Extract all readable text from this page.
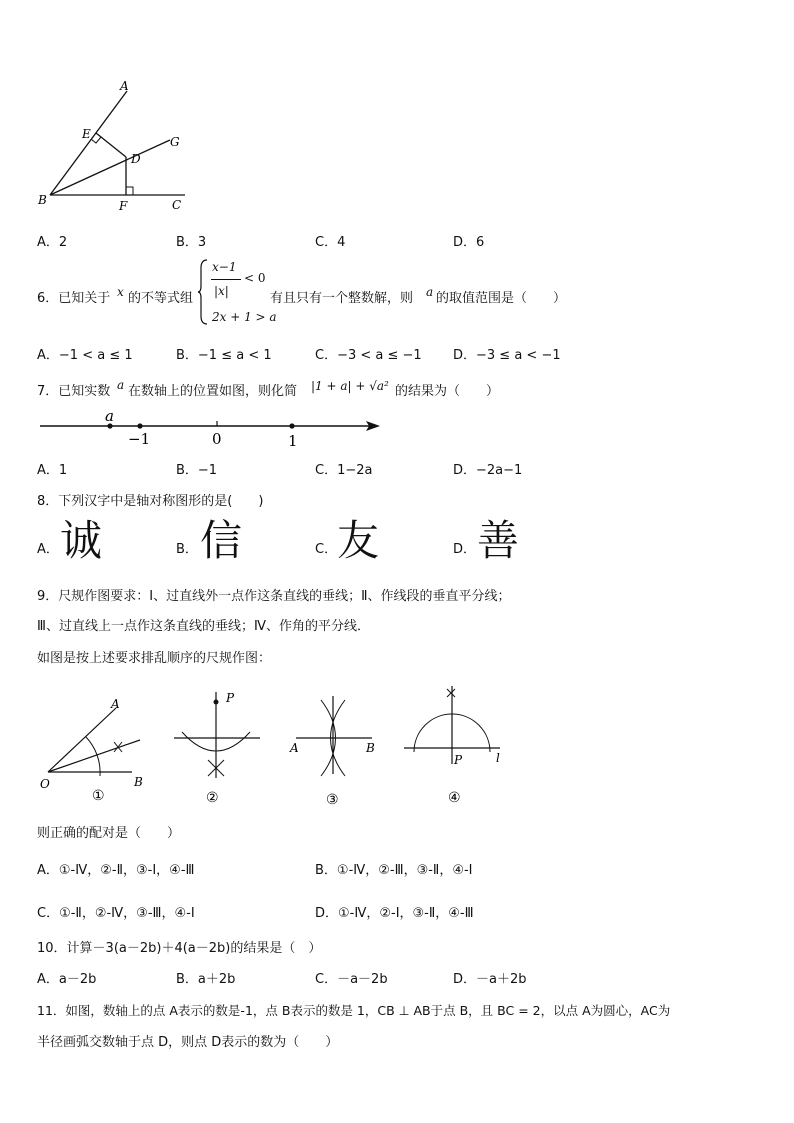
A
E
G
D
B	F	C
A．2	B．3	C．4	D．6
6．已知关于 x 的不等式组
x−1
|x|
< 0
2x + 1 > a
有且只有一个整数解，则 a 的取值范围是（　　）
A．−1 < a ≤ 1	B．−1 ≤ a < 1	C．−3 < a ≤ −1 D．−3 ≤ a < −1
7．已知实数 a 在数轴上的位置如图，则化简 |1 + a| + √a² 的结果为（　　）
a
−1	0	1
A．1	B．−1	C．1−2a	D．−2a−1
8．下列汉字中是轴对称图形的是(　　)
A． 诚	B． 信	C． 友	D． 善
9．尺规作图要求：Ⅰ、过直线外一点作这条直线的垂线；Ⅱ、作线段的垂直平分线；
Ⅲ、过直线上一点作这条直线的垂线；Ⅳ、作角的平分线．
如图是按上述要求排乱顺序的尺规作图：
A
O	B
①
P
②
A	B
③
P	l
④
则正确的配对是（　　）
A．①-Ⅳ，②-Ⅱ，③-Ⅰ，④-Ⅲ	B．①-Ⅳ，②-Ⅲ，③-Ⅱ，④-Ⅰ
C．①-Ⅱ，②-Ⅳ，③-Ⅲ，④-Ⅰ	D．①-Ⅳ，②-Ⅰ，③-Ⅱ，④-Ⅲ
10．计算－3(a－2b)＋4(a－2b)的结果是（　）
A．a－2b	B．a＋2b	C．－a－2b	D．－a＋2b
11．如图，数轴上的点 A表示的数是-1，点 B表示的数是 1，CB ⊥ AB于点 B，且 BC = 2，以点 A为圆心，AC为
半径画弧交数轴于点 D，则点 D表示的数为（　　）
